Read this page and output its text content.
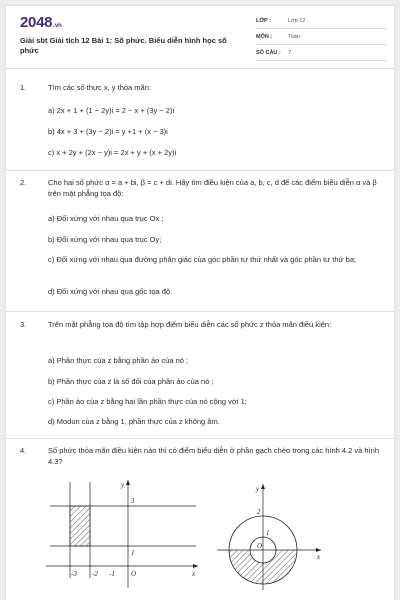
2048 .vn
Giải sbt Giải tích 12 Bài 1: Số phức. Biểu diễn hình học số phức
LỚP :	Lớp 12
MÔN :	Toán
SỐ CÂU : 7
1.	Tìm các số thực x, y thỏa mãn:
a) 2x + 1 + (1 − 2y)i = 2 − x + (3y − 2)i
b) 4x + 3 + (3y − 2)i = y +1 + (x − 3)i
c) x + 2y + (2x − y)i = 2x + y + (x + 2y)i
2.	Cho hai số phức α = a + bi, β = c + di. Hãy tìm điều kiện của a, b, c, d để các điểm biểu diễn α và β trên mặt phẳng tọa độ:
a) Đối xứng với nhau qua trục Ox ;
b) Đối xứng với nhau qua trục Oy;
c) Đối xứng với nhau qua đường phân giác của góc phần tư thứ nhất và góc phần tư thứ ba;
d) Đối xứng với nhau qua gốc tọa độ.
3.	Trên mặt phẳng tọa độ tìm tập hợp điểm biểu diễn các số phức z thỏa mãn điều kiện:
a) Phần thực của z bằng phần ảo của nó ;
b) Phần thực của z là số đối của phần ảo của nó ;
c) Phần ảo của z bằng hai lần phần thực của nó cộng với 1;
d) Modun của z bằng 1, phần thực của z không âm.
4.	Số phức thỏa mãn điều kiện nào thì có điểm biểu diễn ở phần gạch chéo trong các hình 4.2 và hình 4.3?
y
x
O
3
1
-3 -2 -1
y
x
O
2
1
